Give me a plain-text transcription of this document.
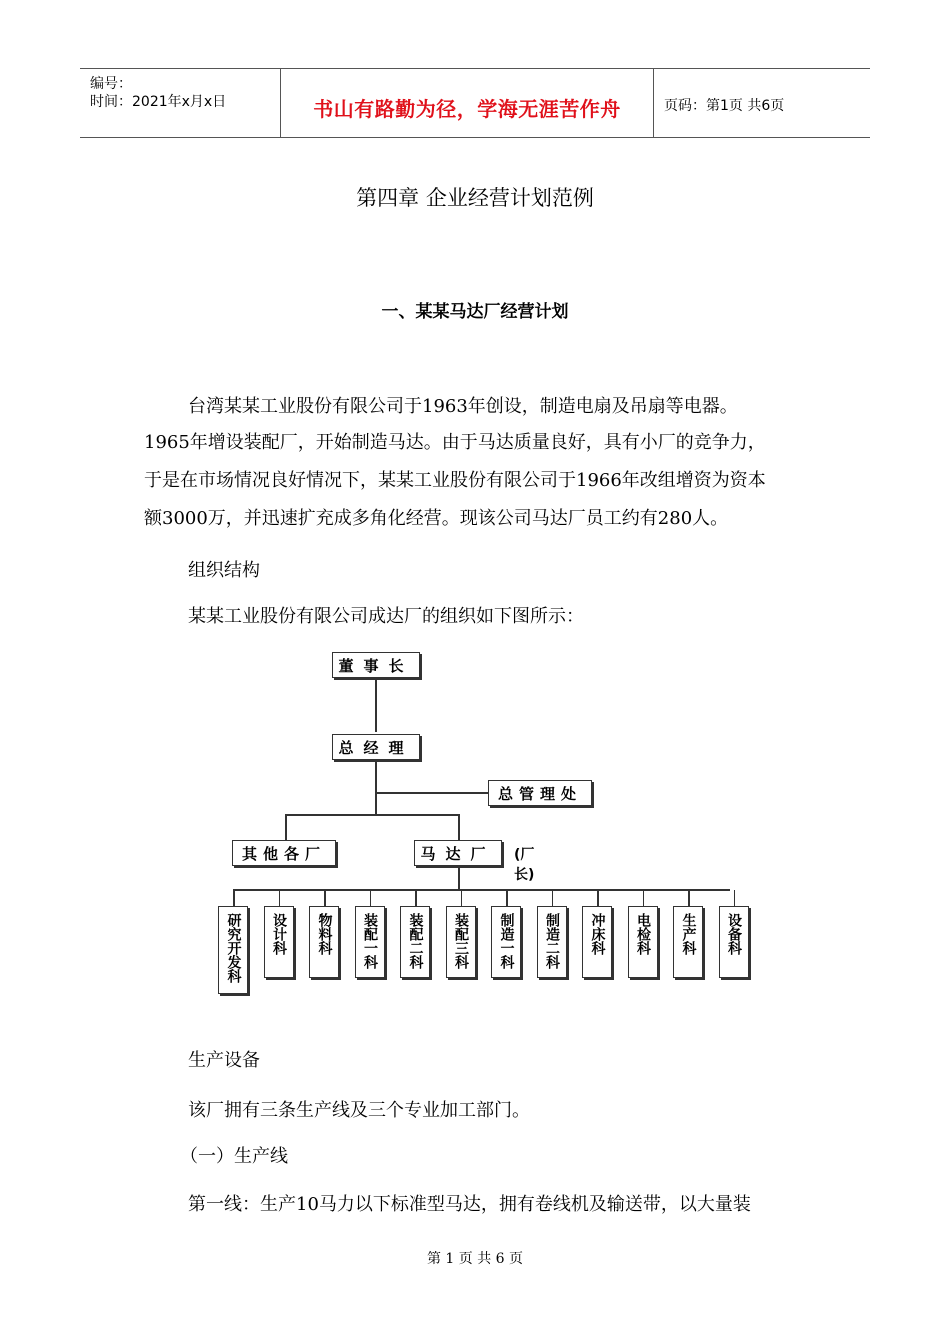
编号：
时间：2021年x月x日	书山有路勤为径，学海无涯苦作舟	页码：第1页 共6页
第四章 企业经营计划范例
一、某某马达厂经营计划
台湾某某工业股份有限公司于1963年创设，制造电扇及吊扇等电器。
1965年增设装配厂，开始制造马达。由于马达质量良好，具有小厂的竞争力，
于是在市场情况良好情况下，某某工业股份有限公司于1966年改组增资为资本
额3000万，并迅速扩充成多角化经营。现该公司马达厂员工约有280人。
组织结构
某某工业股份有限公司成达厂的组织如下图所示：
董事长
总经理
总管理处
其他各厂	马达厂	(厂长)
研究开发科	设计科	物料科	装配一科	装配二科	装配三科	制造一科	制造二科	冲床科	电检科	生产科	设备科
生产设备
该厂拥有三条生产线及三个专业加工部门。
（一）生产线
第一线：生产10马力以下标准型马达，拥有卷线机及输送带，以大量装
第 1 页 共 6 页
